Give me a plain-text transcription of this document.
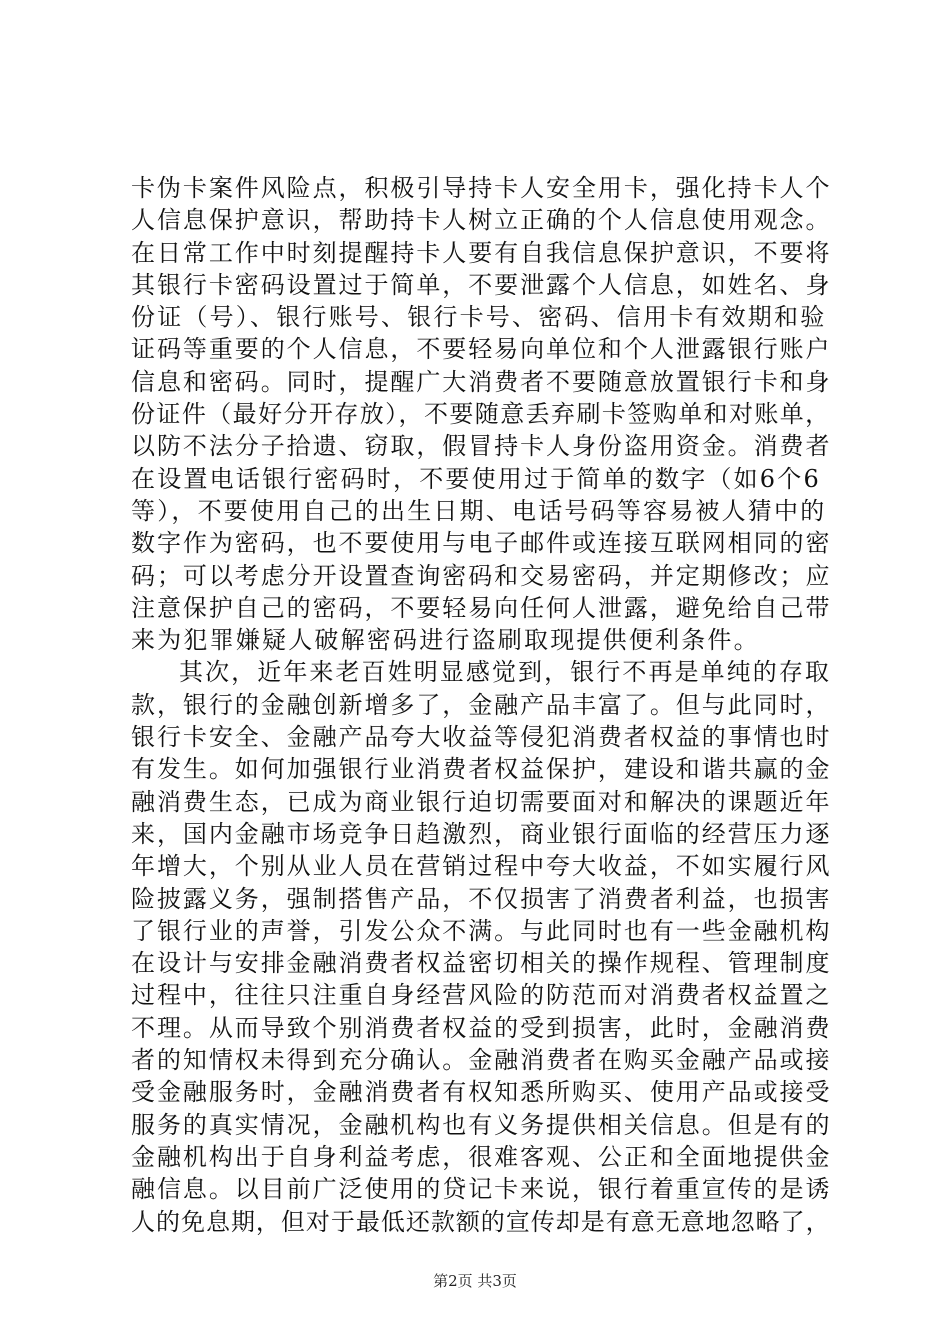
卡伪卡案件风险点，积极引导持卡人安全用卡，强化持卡人个
人信息保护意识，帮助持卡人树立正确的个人信息使用观念。
在日常工作中时刻提醒持卡人要有自我信息保护意识，不要将
其银行卡密码设置过于简单，不要泄露个人信息，如姓名、身
份证（号）、银行账号、银行卡号、密码、信用卡有效期和验
证码等重要的个人信息，不要轻易向单位和个人泄露银行账户
信息和密码。同时，提醒广大消费者不要随意放置银行卡和身
份证件（最好分开存放），不要随意丢弃刷卡签购单和对账单，
以防不法分子拾遗、窃取，假冒持卡人身份盗用资金。消费者
在设置电话银行密码时，不要使用过于简单的数字（如6个6
等），不要使用自己的出生日期、电话号码等容易被人猜中的
数字作为密码，也不要使用与电子邮件或连接互联网相同的密
码；可以考虑分开设置查询密码和交易密码，并定期修改；应
注意保护自己的密码，不要轻易向任何人泄露，避免给自己带
来为犯罪嫌疑人破解密码进行盗刷取现提供便利条件。
其次，近年来老百姓明显感觉到，银行不再是单纯的存取
款，银行的金融创新增多了，金融产品丰富了。但与此同时，
银行卡安全、金融产品夸大收益等侵犯消费者权益的事情也时
有发生。如何加强银行业消费者权益保护，建设和谐共赢的金
融消费生态，已成为商业银行迫切需要面对和解决的课题近年
来，国内金融市场竞争日趋激烈，商业银行面临的经营压力逐
年增大，个别从业人员在营销过程中夸大收益，不如实履行风
险披露义务，强制搭售产品，不仅损害了消费者利益，也损害
了银行业的声誉，引发公众不满。与此同时也有一些金融机构
在设计与安排金融消费者权益密切相关的操作规程、管理制度
过程中，往往只注重自身经营风险的防范而对消费者权益置之
不理。从而导致个别消费者权益的受到损害，此时，金融消费
者的知情权未得到充分确认。金融消费者在购买金融产品或接
受金融服务时，金融消费者有权知悉所购买、使用产品或接受
服务的真实情况，金融机构也有义务提供相关信息。但是有的
金融机构出于自身利益考虑，很难客观、公正和全面地提供金
融信息。以目前广泛使用的贷记卡来说，银行着重宣传的是诱
人的免息期，但对于最低还款额的宣传却是有意无意地忽略了，
第2页 共3页
